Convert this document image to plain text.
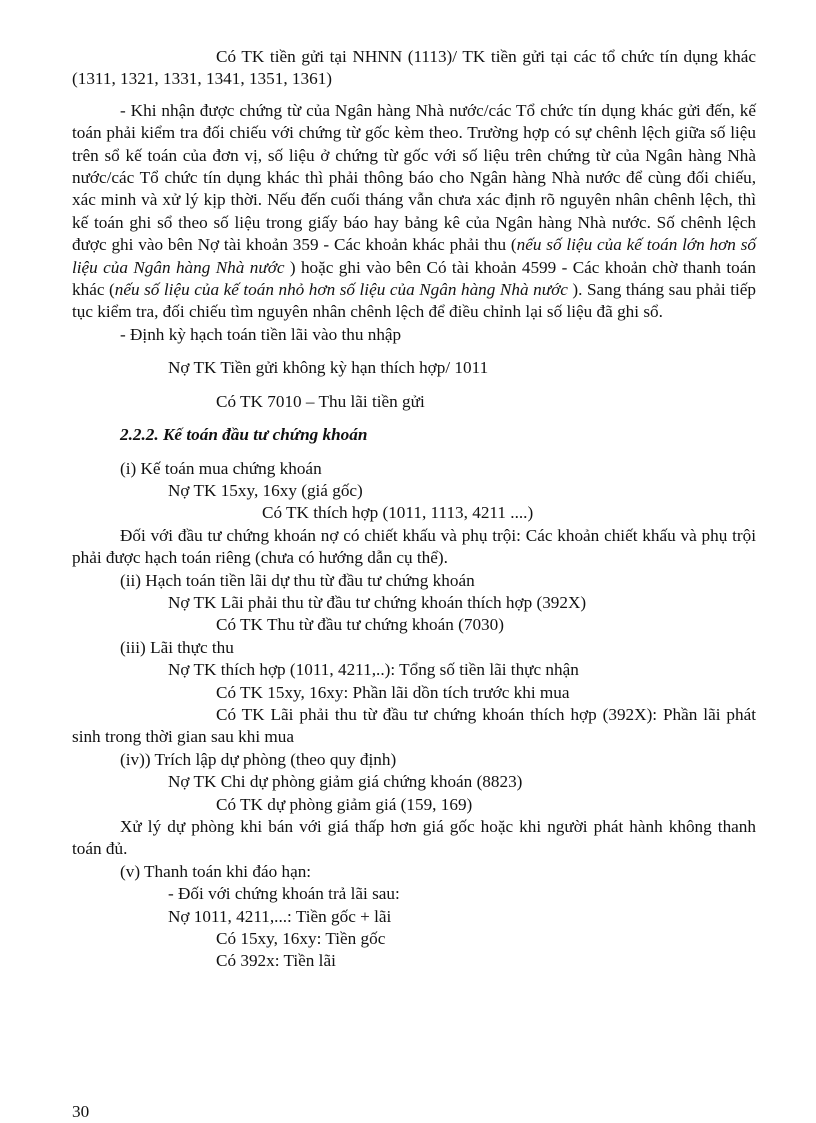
Có TK tiền gửi tại NHNN (1113)/ TK tiền gửi tại các tổ chức tín dụng khác (1311, 1321, 1331, 1341, 1351, 1361)

- Khi nhận được chứng từ của Ngân hàng Nhà nước/các Tổ chức tín dụng khác gửi đến, kế toán phải kiểm tra đối chiếu với chứng từ gốc kèm theo. Trường hợp có sự chênh lệch giữa số liệu trên sổ kế toán của đơn vị, số liệu ở chứng từ gốc với số liệu trên chứng từ của Ngân hàng Nhà nước/các Tổ chức tín dụng khác thì phải thông báo cho Ngân hàng Nhà nước để cùng đối chiếu, xác minh và xử lý kịp thời. Nếu đến cuối tháng vẫn chưa xác định rõ nguyên nhân chênh lệch, thì kế toán ghi sổ theo số liệu trong giấy báo hay bảng kê của Ngân hàng Nhà nước. Số chênh lệch được ghi vào bên Nợ tài khoản 359 - Các khoản khác phải thu (nếu số liệu của kế toán lớn hơn số liệu của Ngân hàng Nhà nước ) hoặc ghi vào bên Có tài khoản 4599 - Các khoản chờ thanh toán khác (nếu số liệu của kế toán nhỏ hơn số liệu của Ngân hàng Nhà nước ). Sang tháng sau phải tiếp tục kiểm tra, đối chiếu tìm nguyên nhân chênh lệch để điều chỉnh lại số liệu đã ghi sổ.

- Định kỳ hạch toán tiền lãi vào thu nhập

Nợ TK Tiền gửi không kỳ hạn thích hợp/ 1011

Có TK 7010 – Thu lãi tiền gửi

2.2.2. Kế toán đầu tư chứng khoán

(i) Kế toán mua chứng khoán

Nợ TK 15xy, 16xy (giá gốc)

Có TK thích hợp (1011, 1113, 4211 ....)

Đối với đầu tư chứng khoán nợ có chiết khấu và phụ trội: Các khoản chiết khấu và phụ trội phải được hạch toán riêng (chưa có hướng dẫn cụ thể).

(ii) Hạch toán tiền lãi dự thu từ đầu tư chứng khoán

Nợ TK Lãi phải thu từ đầu tư chứng khoán thích hợp (392X)

Có TK Thu từ đầu tư chứng khoán (7030)

(iii) Lãi thực thu

Nợ TK thích hợp (1011, 4211,..): Tổng số tiền lãi thực nhận

Có TK 15xy, 16xy: Phần lãi dồn tích trước khi mua

Có TK Lãi phải thu từ đầu tư chứng khoán thích hợp (392X): Phần lãi phát sinh trong thời gian sau khi mua

(iv)) Trích lập dự phòng (theo quy định)

Nợ TK Chi dự phòng giảm giá chứng khoán (8823)

Có TK dự phòng giảm giá (159, 169)

Xử lý dự phòng khi bán với giá thấp hơn giá gốc hoặc khi người phát hành không thanh toán đủ.

(v) Thanh toán khi đáo hạn:

- Đối với chứng khoán trả lãi sau:

Nợ 1011, 4211,...: Tiền gốc + lãi

Có 15xy, 16xy: Tiền gốc

Có 392x: Tiền lãi

30
